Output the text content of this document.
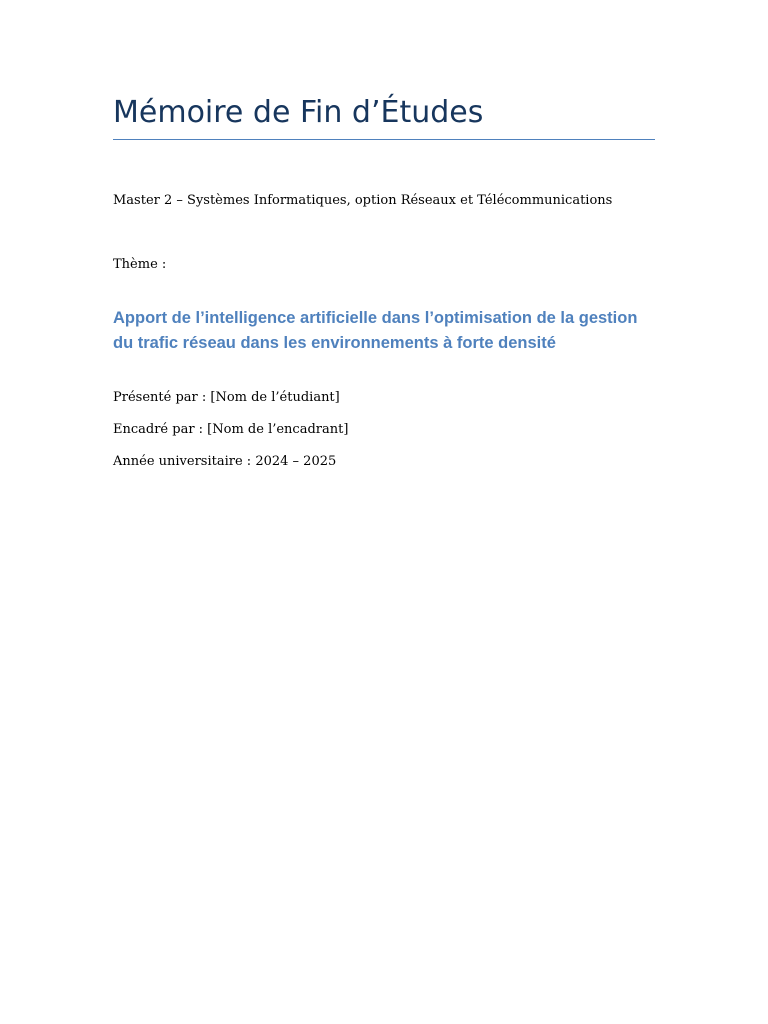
Mémoire de Fin d’Études
Master 2 – Systèmes Informatiques, option Réseaux et Télécommunications
Thème :
Apport de l’intelligence artificielle dans l’optimisation de la gestion du trafic réseau dans les environnements à forte densité
Présenté par : [Nom de l’étudiant]
Encadré par : [Nom de l’encadrant]
Année universitaire : 2024 – 2025
